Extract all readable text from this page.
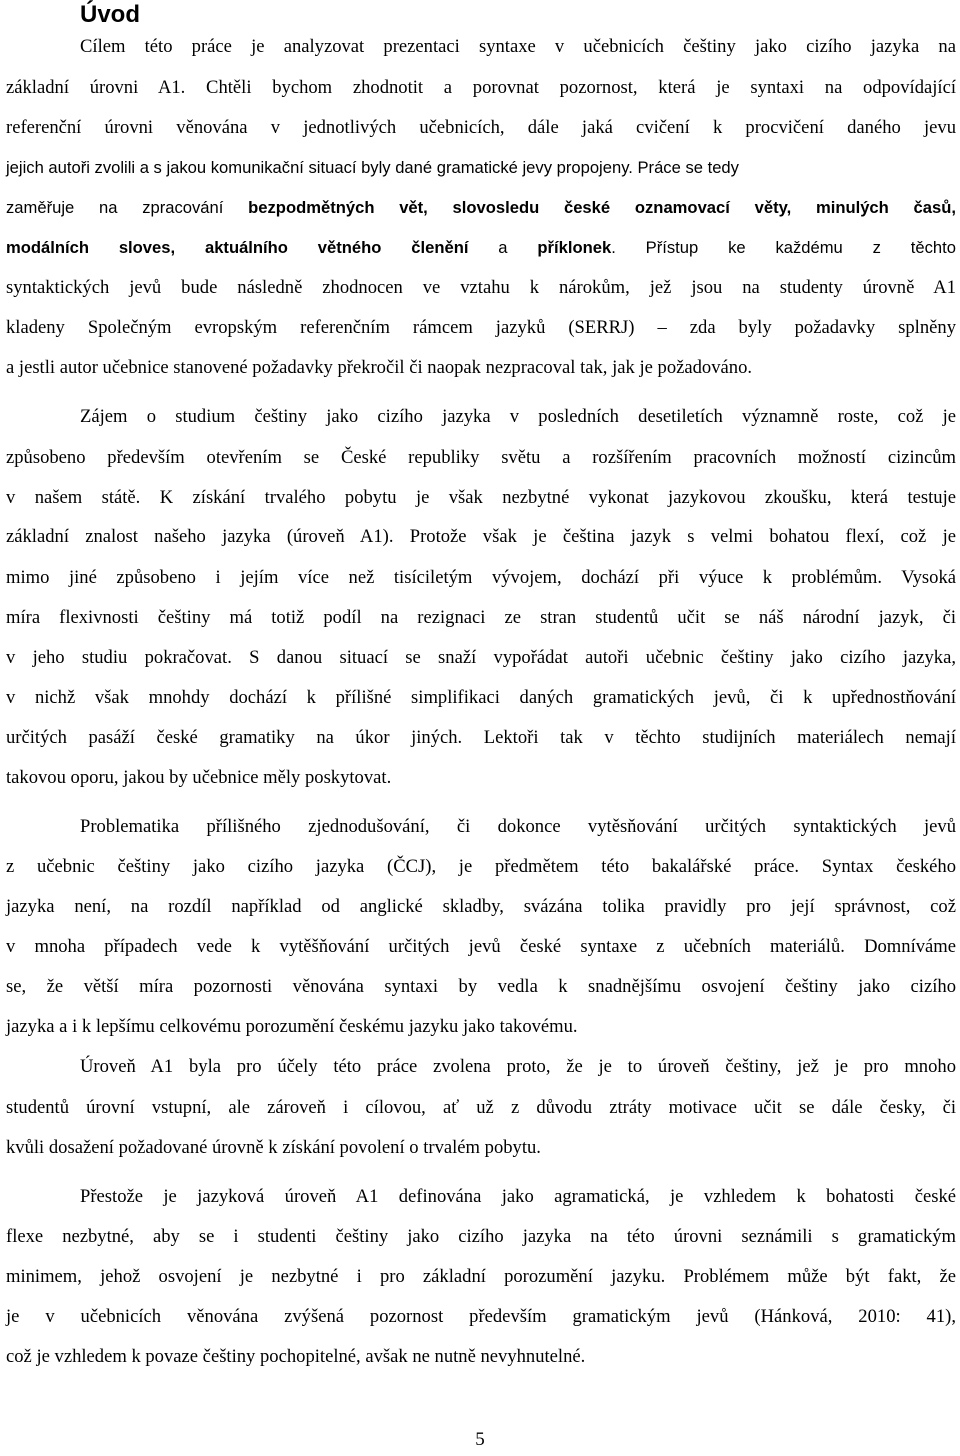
Úvod
Cílem této práce je analyzovat prezentaci syntaxe v učebnicích češtiny jako cizího jazyka na
základní úrovni A1. Chtěli bychom zhodnotit a porovnat pozornost, která je syntaxi na odpovídající
referenční úrovni věnována v jednotlivých učebnicích, dále jaká cvičení k procvičení daného jevu
jejich autoři zvolili a s jakou komunikační situací byly dané gramatické jevy propojeny. Práce se tedy
zaměřuje na zpracování bezpodmětných vět, slovosledu české oznamovací věty, minulých časů,
modálních sloves, aktuálního větného členění a příklonek. Přístup ke každému z těchto
syntaktických jevů bude následně zhodnocen ve vztahu k nárokům, jež jsou na studenty úrovně A1
kladeny Společným evropským referenčním rámcem jazyků (SERRJ) – zda byly požadavky splněny
a jestli autor učebnice stanovené požadavky překročil či naopak nezpracoval tak, jak je požadováno.
Zájem o studium češtiny jako cizího jazyka v posledních desetiletích významně roste, což je
způsobeno především otevřením se České republiky světu a rozšířením pracovních možností cizincům
v našem státě. K získání trvalého pobytu je však nezbytné vykonat jazykovou zkoušku, která testuje
základní znalost našeho jazyka (úroveň A1). Protože však je čeština jazyk s velmi bohatou flexí, což je
mimo jiné způsobeno i jejím více než tisíciletým vývojem, dochází při výuce k problémům. Vysoká
míra flexivnosti češtiny má totiž podíl na rezignaci ze stran studentů učit se náš národní jazyk, či
v jeho studiu pokračovat. S danou situací se snaží vypořádat autoři učebnic češtiny jako cizího jazyka,
v nichž však mnohdy dochází k přílišné simplifikaci daných gramatických jevů, či k upřednostňování
určitých pasáží české gramatiky na úkor jiných. Lektoři tak v těchto studijních materiálech nemají
takovou oporu, jakou by učebnice měly poskytovat.
Problematika přílišného zjednodušování, či dokonce vytěsňování určitých syntaktických jevů
z učebnic češtiny jako cizího jazyka (ČCJ), je předmětem této bakalářské práce. Syntax českého
jazyka není, na rozdíl například od anglické skladby, svázána tolika pravidly pro její správnost, což
v mnoha případech vede k vytěšňování určitých jevů české syntaxe z učebních materiálů. Domníváme
se, že větší míra pozornosti věnována syntaxi by vedla k snadnějšímu osvojení češtiny jako cizího
jazyka a i k lepšímu celkovému porozumění českému jazyku jako takovému.
Úroveň A1 byla pro účely této práce zvolena proto, že je to úroveň češtiny, jež je pro mnoho
studentů úrovní vstupní, ale zároveň i cílovou, ať už z důvodu ztráty motivace učit se dále česky, či
kvůli dosažení požadované úrovně k získání povolení o trvalém pobytu.
Přestože je jazyková úroveň A1 definována jako agramatická, je vzhledem k bohatosti české
flexe nezbytné, aby se i studenti češtiny jako cizího jazyka na této úrovni seznámili s gramatickým
minimem, jehož osvojení je nezbytné i pro základní porozumění jazyku. Problémem může být fakt, že
je v učebnicích věnována zvýšená pozornost především gramatickým jevů (Hánková, 2010: 41),
což je vzhledem k povaze češtiny pochopitelné, avšak ne nutně nevyhnutelné.
5
